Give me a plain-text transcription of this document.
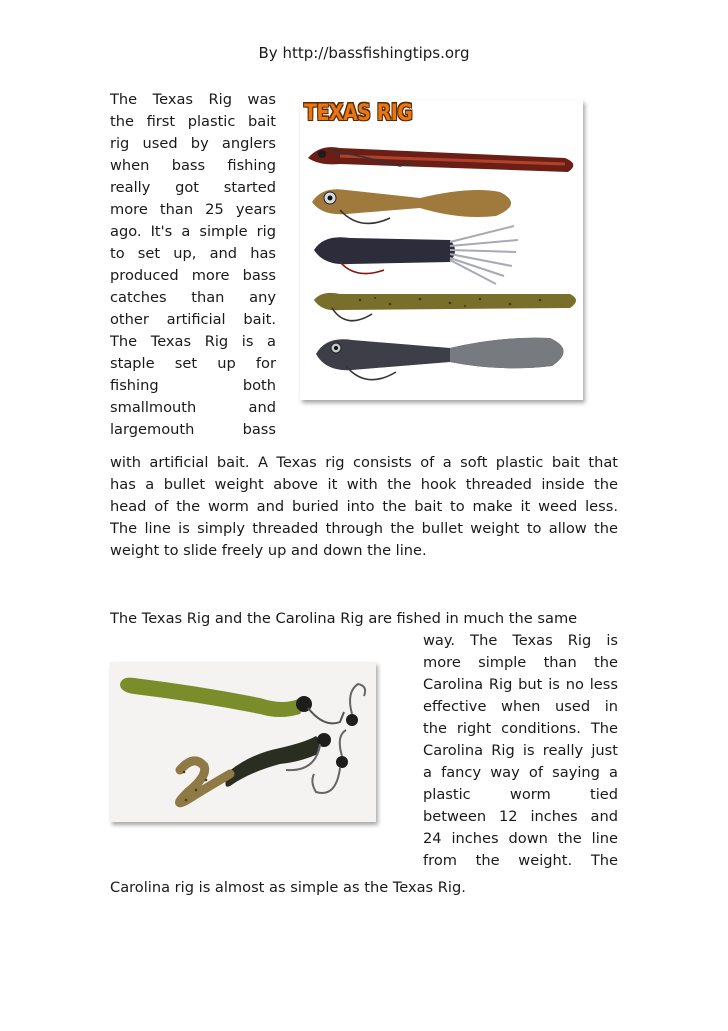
By http://bassfishingtips.org
The Texas Rig was
the first plastic bait
rig used by anglers
when bass fishing
really got started
more than 25 years
ago. It's a simple rig
to set up, and has
produced more bass
catches than any
other artificial bait.
The Texas Rig is a
staple set up for
fishing both
smallmouth and
largemouth bass
TEXAS RIG
with artificial bait. A Texas rig consists of a soft plastic bait that
has a bullet weight above it with the hook threaded inside the
head of the worm and buried into the bait to make it weed less.
The line is simply threaded through the bullet weight to allow the
weight to slide freely up and down the line.
The Texas Rig and the Carolina Rig are fished in much the same
way. The Texas Rig is
more simple than the
Carolina Rig but is no less
effective when used in
the right conditions. The
Carolina Rig is really just
a fancy way of saying a
plastic worm tied
between 12 inches and
24 inches down the line
from the weight. The
Carolina rig is almost as simple as the Texas Rig.
